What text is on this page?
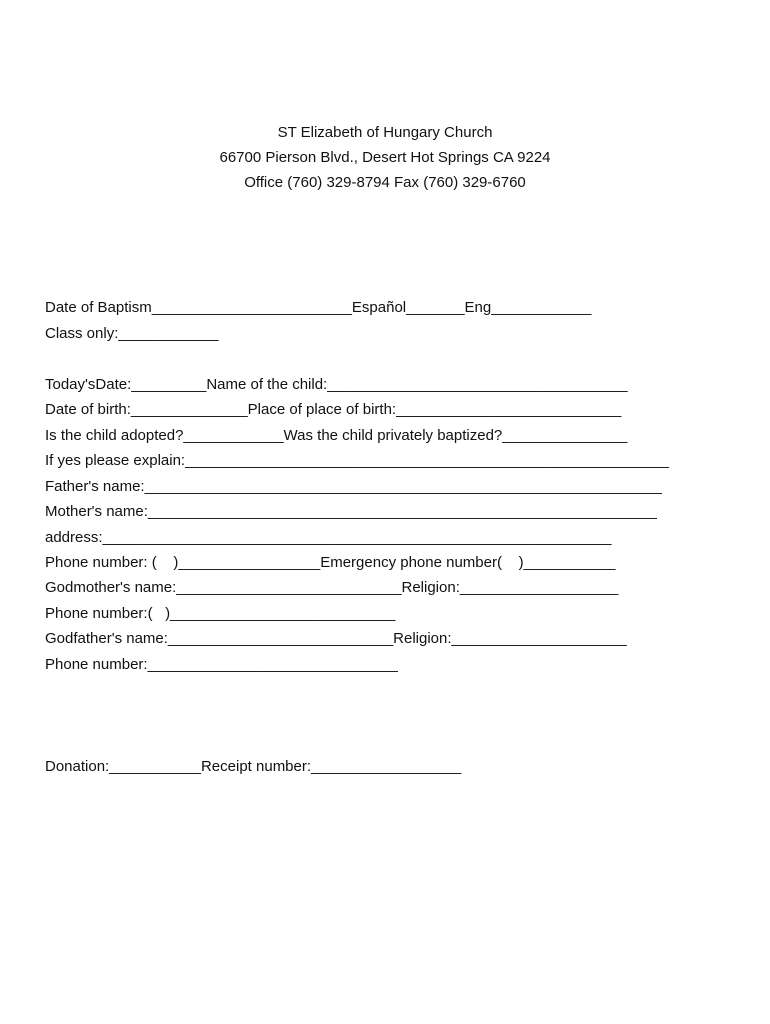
ST Elizabeth of Hungary Church
66700 Pierson Blvd., Desert Hot Springs CA 9224
Office (760) 329-8794 Fax (760) 329-6760
Date of Baptism________________________Español_______Eng____________
Class only:____________
Today'sDate:_________Name of the child:____________________________________
Date of birth:______________Place of place of birth:___________________________
Is the child adopted?____________Was the child privately baptized?_______________
If yes please explain:__________________________________________________________
Father's name:______________________________________________________________
Mother's name:_____________________________________________________________
address:_____________________________________________________________
Phone number: (    )_________________Emergency phone number(    )___________
Godmother's name:___________________________Religion:___________________
Phone number:(   )___________________________
Godfather's name:___________________________Religion:_____________________
Phone number:______________________________
Donation:___________Receipt number:__________________
